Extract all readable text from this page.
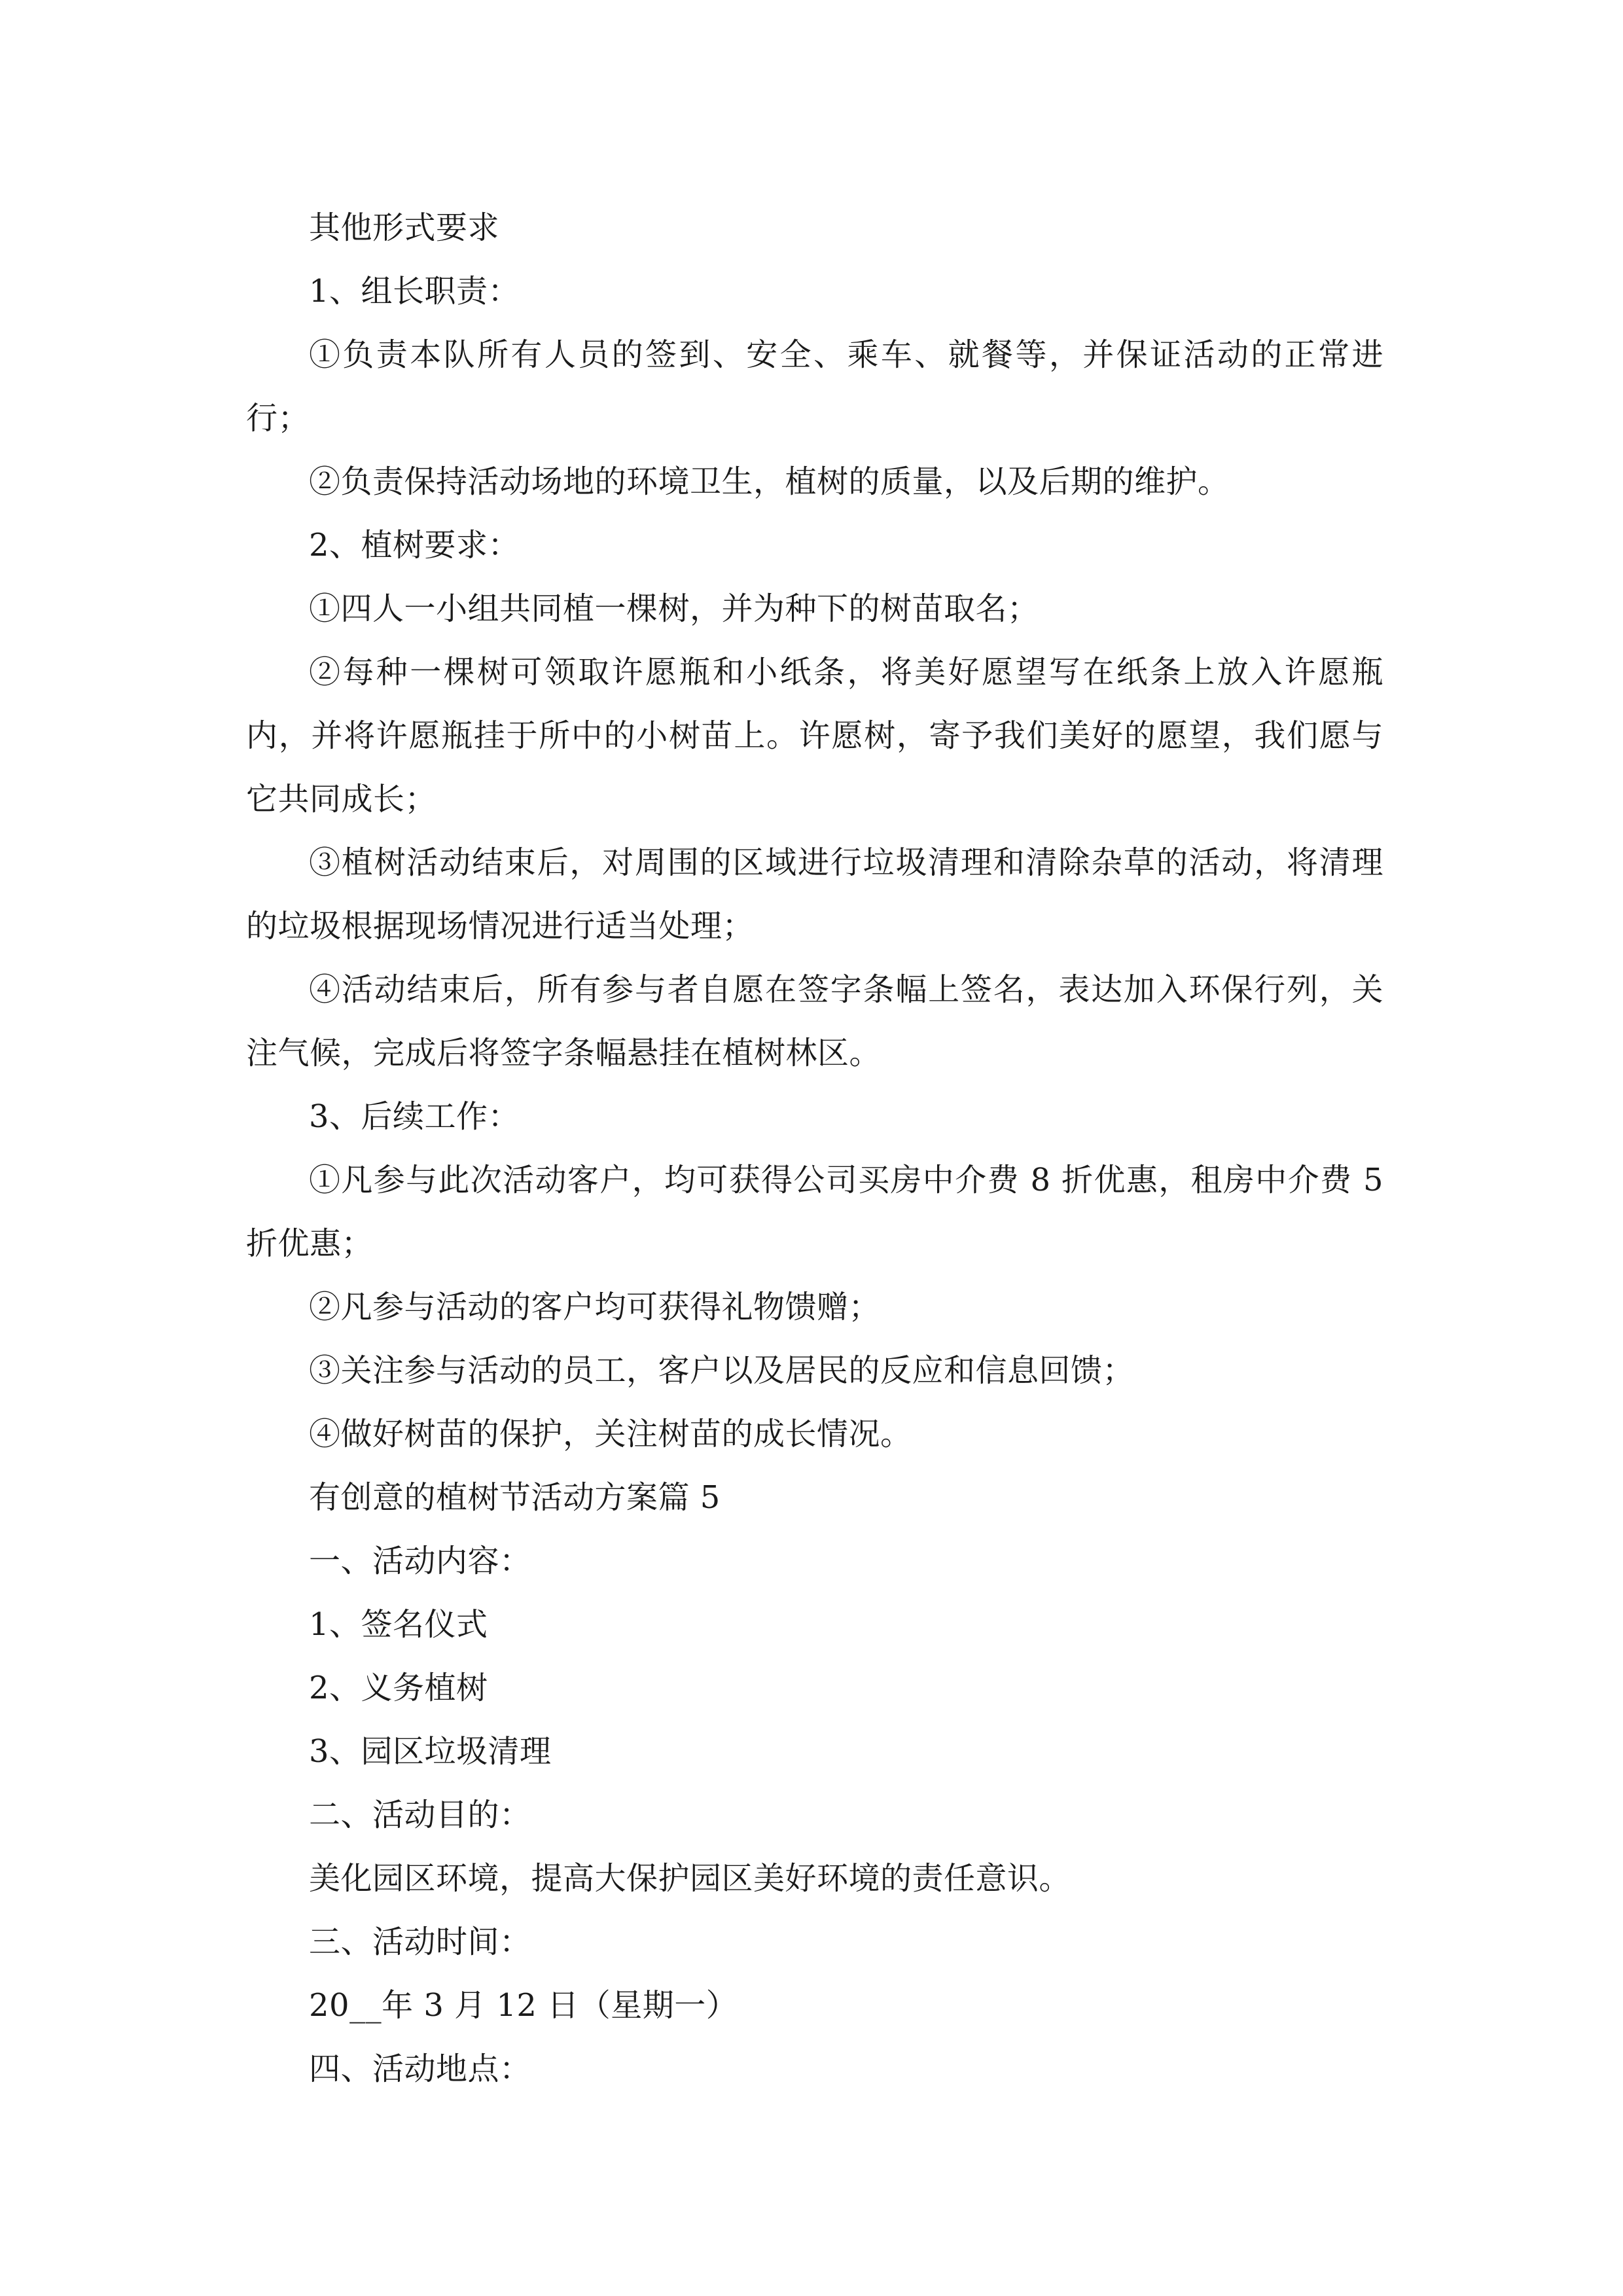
其他形式要求

1、组长职责：

①负责本队所有人员的签到、安全、乘车、就餐等，并保证活动的正常进行；

②负责保持活动场地的环境卫生，植树的质量，以及后期的维护。

2、植树要求：

①四人一小组共同植一棵树，并为种下的树苗取名；

②每种一棵树可领取许愿瓶和小纸条，将美好愿望写在纸条上放入许愿瓶内，并将许愿瓶挂于所中的小树苗上。许愿树，寄予我们美好的愿望，我们愿与它共同成长；

③植树活动结束后，对周围的区域进行垃圾清理和清除杂草的活动，将清理的垃圾根据现场情况进行适当处理；

④活动结束后，所有参与者自愿在签字条幅上签名，表达加入环保行列，关注气候，完成后将签字条幅悬挂在植树林区。

3、后续工作：

①凡参与此次活动客户，均可获得公司买房中介费 8 折优惠，租房中介费 5 折优惠；

②凡参与活动的客户均可获得礼物馈赠；

③关注参与活动的员工，客户以及居民的反应和信息回馈；

④做好树苗的保护，关注树苗的成长情况。

有创意的植树节活动方案篇 5

一、活动内容：

1、签名仪式

2、义务植树

3、园区垃圾清理

二、活动目的：

美化园区环境，提高大保护园区美好环境的责任意识。

三、活动时间：

20__年 3 月 12 日（星期一）

四、活动地点：
